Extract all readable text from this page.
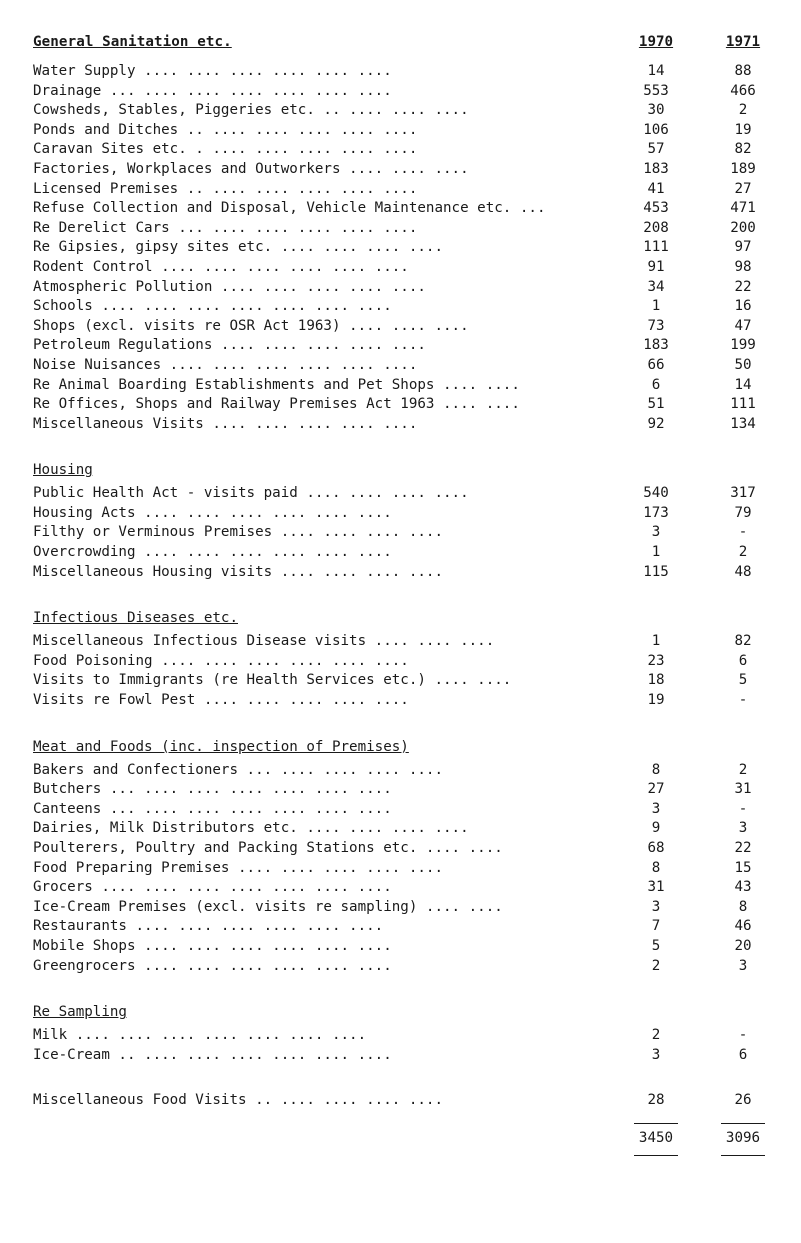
General Sanitation etc.	1970	1971
Water Supply .... .... .... .... .... ....	14	88
Drainage ... .... .... .... .... .... ....	553	466
Cowsheds, Stables, Piggeries etc. .. .... .... ....	30	2
Ponds and Ditches .. .... .... .... .... ....	106	19
Caravan Sites etc. . .... .... .... .... ....	57	82
Factories, Workplaces and Outworkers .... .... ....	183	189
Licensed Premises .. .... .... .... .... ....	41	27
Refuse Collection and Disposal, Vehicle Maintenance etc. ...	453	471
Re Derelict Cars ... .... .... .... .... ....	208	200
Re Gipsies, gipsy sites etc. .... .... .... ....	111	97
Rodent Control .... .... .... .... .... ....	91	98
Atmospheric Pollution .... .... .... .... ....	34	22
Schools .... .... .... .... .... .... ....	1	16
Shops (excl. visits re OSR Act 1963) .... .... ....	73	47
Petroleum Regulations .... .... .... .... ....	183	199
Noise Nuisances .... .... .... .... .... ....	66	50
Re Animal Boarding Establishments and Pet Shops .... ....	6	14
Re Offices, Shops and Railway Premises Act 1963 .... ....	51	111
Miscellaneous Visits .... .... .... .... ....	92	134
Housing
Public Health Act - visits paid .... .... .... ....	540	317
Housing Acts .... .... .... .... .... ....	173	79
Filthy or Verminous Premises .... .... .... ....	3	-
Overcrowding .... .... .... .... .... ....	1	2
Miscellaneous Housing visits .... .... .... ....	115	48
Infectious Diseases etc.
Miscellaneous Infectious Disease visits .... .... ....	1	82
Food Poisoning .... .... .... .... .... ....	23	6
Visits to Immigrants (re Health Services etc.) .... ....	18	5
Visits re Fowl Pest .... .... .... .... ....	19	-
Meat and Foods (inc. inspection of Premises)
Bakers and Confectioners ... .... .... .... ....	8	2
Butchers ... .... .... .... .... .... ....	27	31
Canteens ... .... .... .... .... .... ....	3	-
Dairies, Milk Distributors etc. .... .... .... ....	9	3
Poulterers, Poultry and Packing Stations etc. .... ....	68	22
Food Preparing Premises .... .... .... .... ....	8	15
Grocers .... .... .... .... .... .... ....	31	43
Ice-Cream Premises (excl. visits re sampling) .... ....	3	8
Restaurants .... .... .... .... .... ....	7	46
Mobile Shops .... .... .... .... .... ....	5	20
Greengrocers .... .... .... .... .... ....	2	3
Re Sampling
Milk .... .... .... .... .... .... ....	2	-
Ice-Cream .. .... .... .... .... .... ....	3	6
Miscellaneous Food Visits .. .... .... .... ....	28	26
3450	3096
